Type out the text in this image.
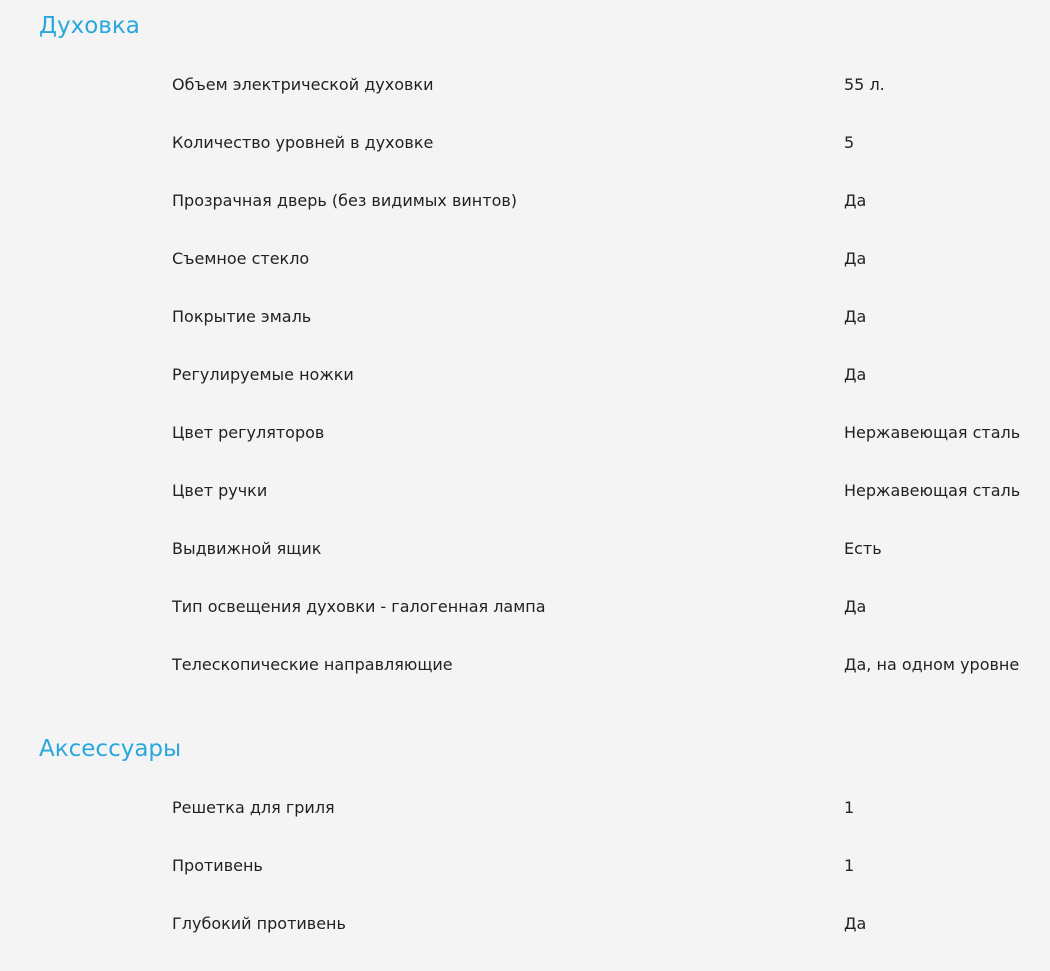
Духовка
Объем электрической духовки	55 л.
Количество уровней в духовке	5
Прозрачная дверь (без видимых винтов)	Да
Съемное стекло	Да
Покрытие эмаль	Да
Регулируемые ножки	Да
Цвет регуляторов	Нержавеющая сталь
Цвет ручки	Нержавеющая сталь
Выдвижной ящик	Есть
Тип освещения духовки - галогенная лампа	Да
Телескопические направляющие	Да, на одном уровне
Аксессуары
Решетка для гриля	1
Противень	1
Глубокий противень	Да
